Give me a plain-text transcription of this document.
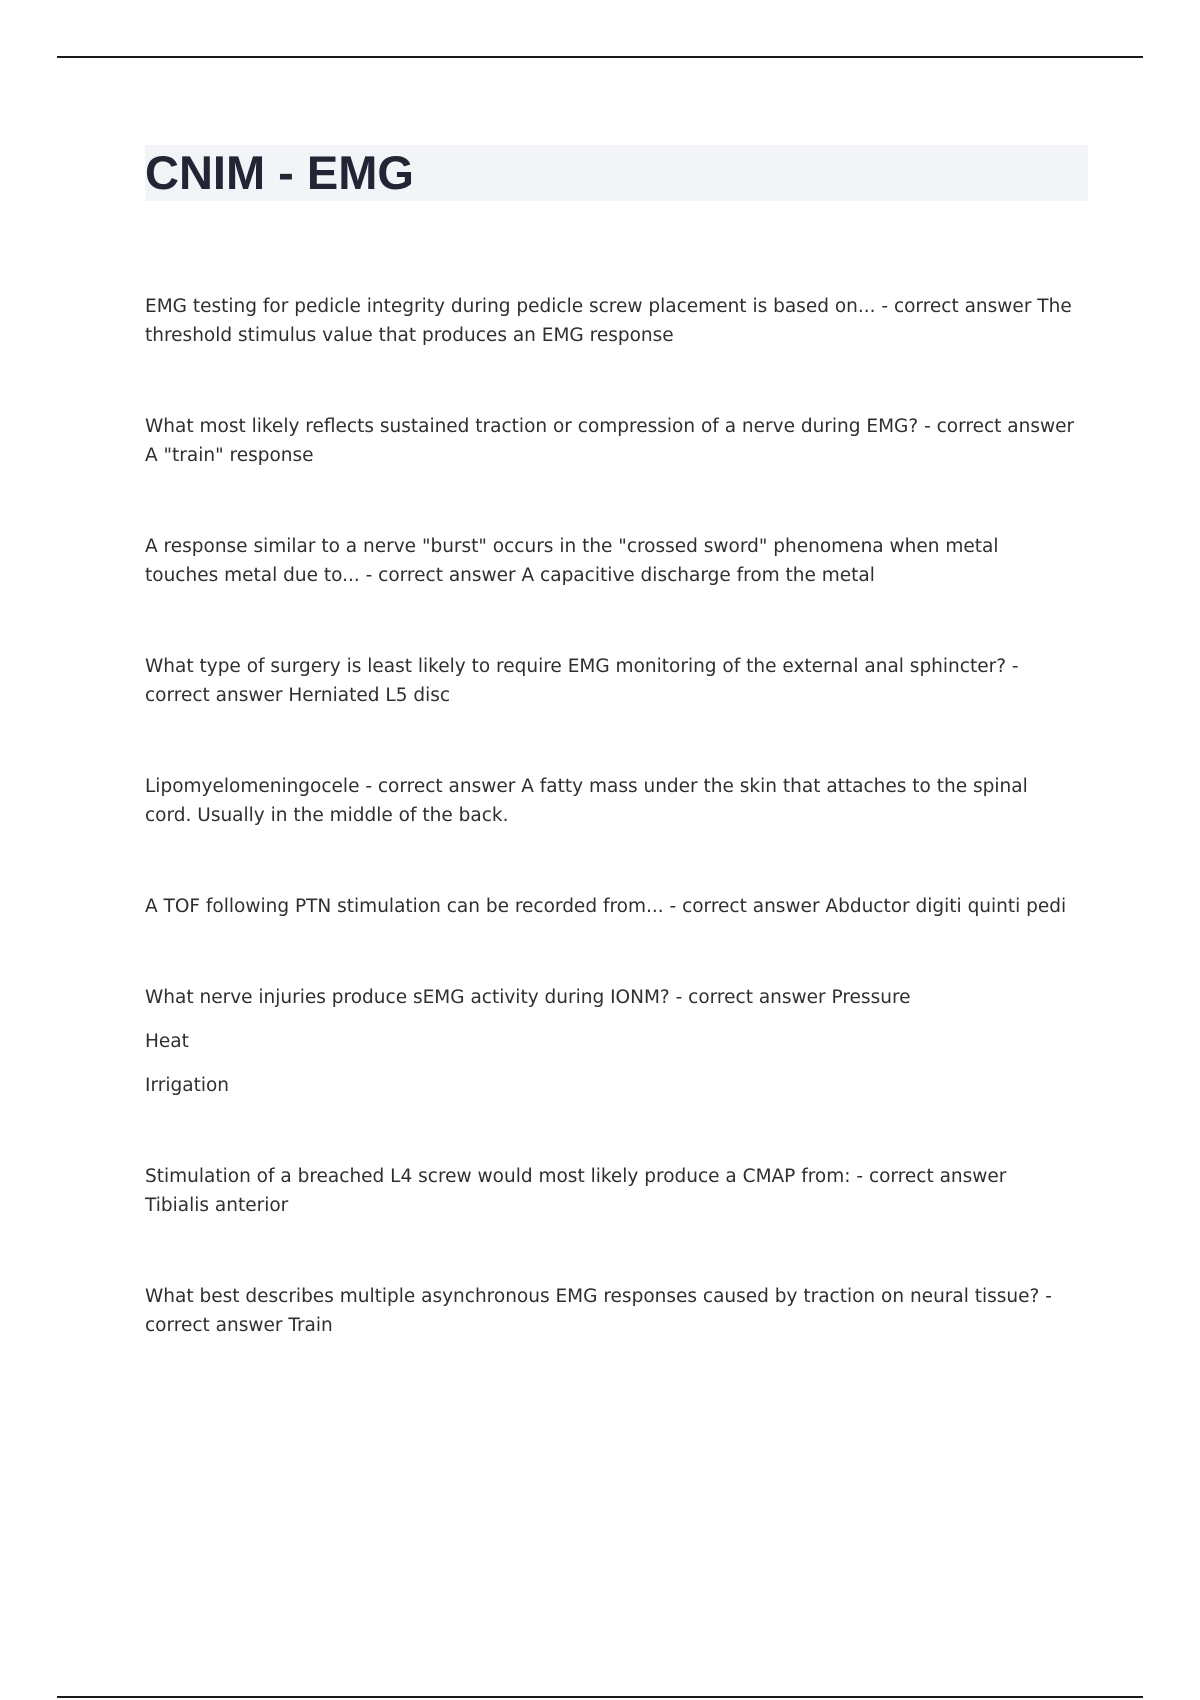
CNIM - EMG

EMG testing for pedicle integrity during pedicle screw placement is based on... - correct answer The threshold stimulus value that produces an EMG response

What most likely reflects sustained traction or compression of a nerve during EMG? - correct answer A "train" response

A response similar to a nerve "burst" occurs in the "crossed sword" phenomena when metal touches metal due to... - correct answer A capacitive discharge from the metal

What type of surgery is least likely to require EMG monitoring of the external anal sphincter? - correct answer Herniated L5 disc

Lipomyelomeningocele - correct answer A fatty mass under the skin that attaches to the spinal cord. Usually in the middle of the back.

A TOF following PTN stimulation can be recorded from... - correct answer Abductor digiti quinti pedi

What nerve injuries produce sEMG activity during IONM? - correct answer Pressure

Heat

Irrigation

Stimulation of a breached L4 screw would most likely produce a CMAP from: - correct answer Tibialis anterior

What best describes multiple asynchronous EMG responses caused by traction on neural tissue? - correct answer Train
